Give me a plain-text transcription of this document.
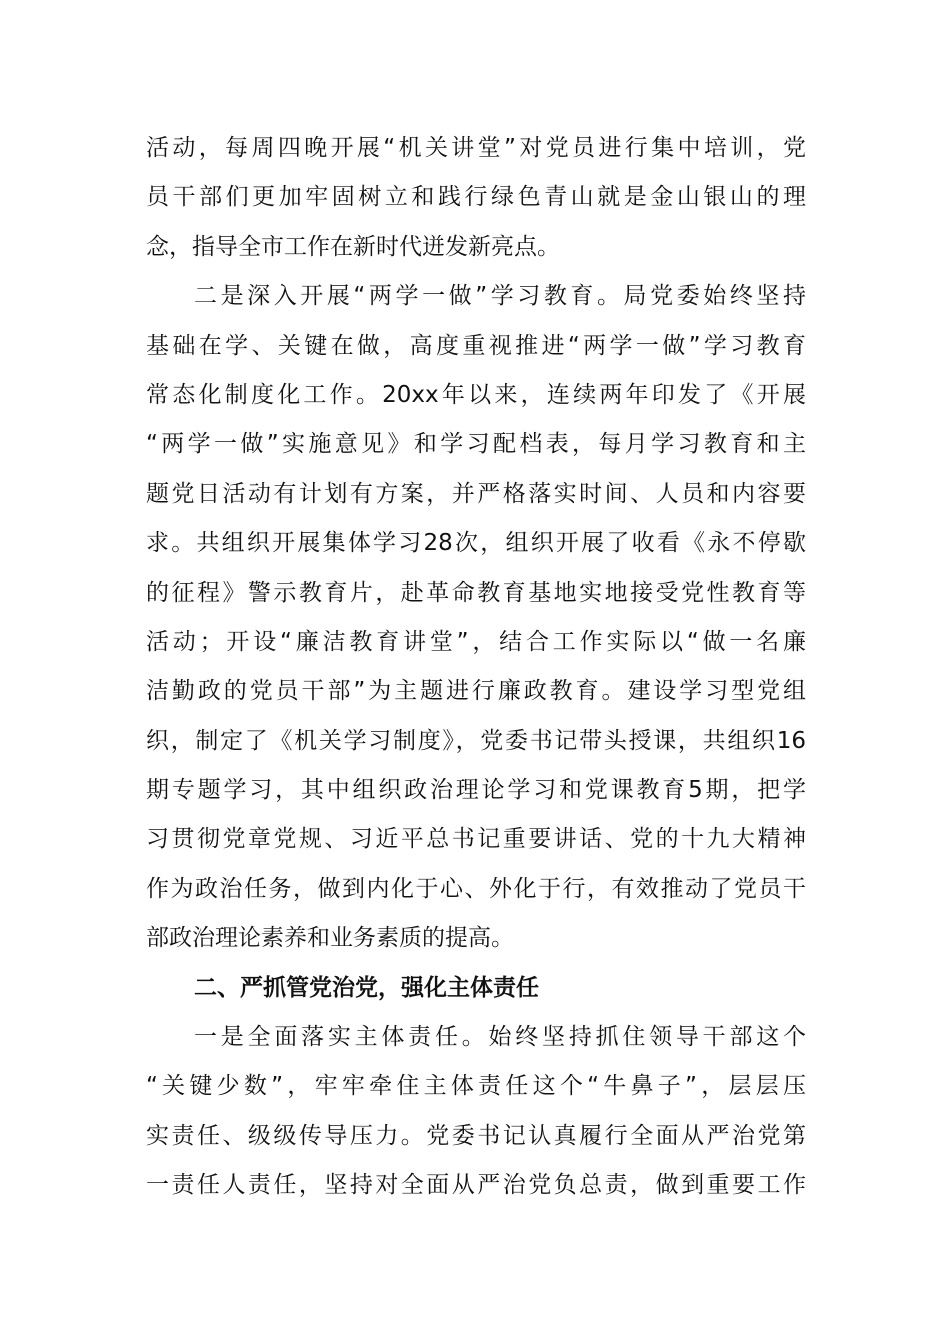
活动，每周四晚开展“机关讲堂”对党员进行集中培训，党
员干部们更加牢固树立和践行绿色青山就是金山银山的理
念，指导全市工作在新时代迸发新亮点。
二是深入开展“两学一做”学习教育。局党委始终坚持
基础在学、关键在做，高度重视推进“两学一做”学习教育
常态化制度化工作。20xx年以来，连续两年印发了《开展
“两学一做”实施意见》和学习配档表，每月学习教育和主
题党日活动有计划有方案，并严格落实时间、人员和内容要
求。共组织开展集体学习28次，组织开展了收看《永不停歇
的征程》警示教育片，赴革命教育基地实地接受党性教育等
活动；开设“廉洁教育讲堂”，结合工作实际以“做一名廉
洁勤政的党员干部”为主题进行廉政教育。建设学习型党组
织，制定了《机关学习制度》，党委书记带头授课，共组织16
期专题学习，其中组织政治理论学习和党课教育5期，把学
习贯彻党章党规、习近平总书记重要讲话、党的十九大精神
作为政治任务，做到内化于心、外化于行，有效推动了党员干
部政治理论素养和业务素质的提高。
二、严抓管党治党，强化主体责任
一是全面落实主体责任。始终坚持抓住领导干部这个
“关键少数”，牢牢牵住主体责任这个“牛鼻子”，层层压
实责任、级级传导压力。党委书记认真履行全面从严治党第
一责任人责任，坚持对全面从严治党负总责，做到重要工作
